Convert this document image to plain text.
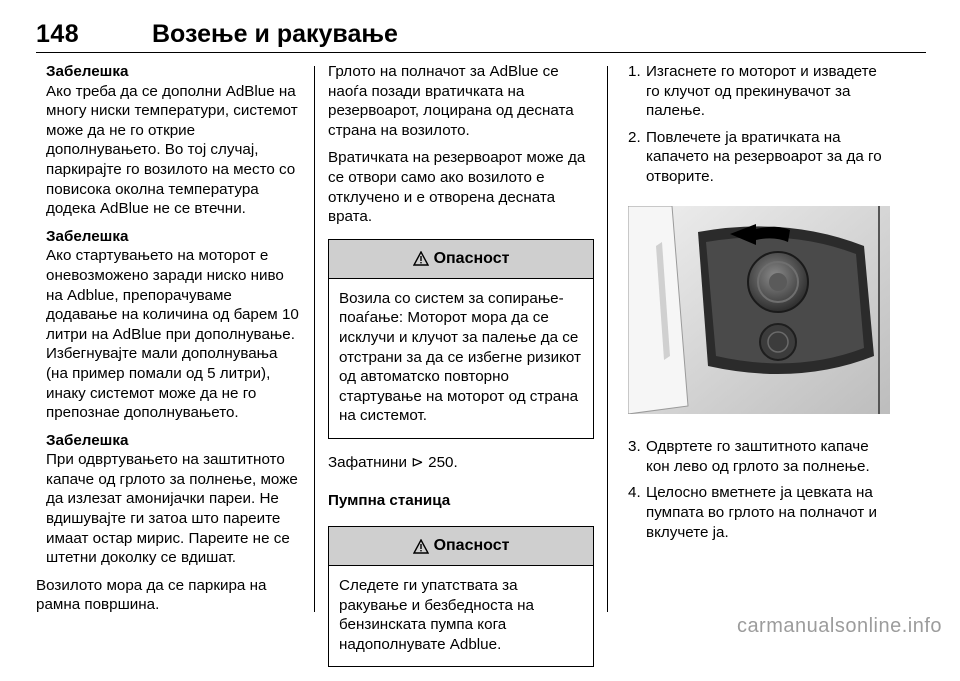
148	Возење и ракување
Забелешка
Ако треба да се дополни AdBlue на многу ниски температури, системот може да не го открие дополнувањето. Во тој случај, паркирајте го возилото на место со повисока околна температура додека AdBlue не се втечни.
Забелешка
Ако стартувањето на моторот е оневозможено заради ниско ниво на Adblue, препорачуваме додавање на количина од барем 10 литри на AdBlue при дополнување. Избегнувајте мали дополнувања (на пример помали од 5 литри), инаку системот може да не го препознае дополнувањето.
Забелешка
При одвртувањето на заштитното капаче од грлото за полнење, може да излезат амонијачки пареи. Не вдишувајте ги затоа што пареите имаат остар мирис. Пареите не се штетни доколку се вдишат.

Возилото мора да се паркира на рамна површина.

Грлото на полначот за AdBlue се наоѓа позади вратичката на резервоарот, лоцирана од десната страна на возилото.

Вратичката на резервоарот може да се отвори само ако возилото е отклучено и е отворена десната врата.

Опасност
Возила со систем за сопирање-поаѓање: Моторот мора да се исклучи и клучот за палење да се отстрани за да се избегне ризикот од автоматско повторно стартување на моторот од страна на системот.

Зафатнини ⊳ 250.

Пумпна станица
Опасност
Следете ги упатствата за ракување и безбедноста на бензинската пумпа кога надополнувате Adblue.
1. Изгаснете го моторот и извадете го клучот од прекинувачот за палење.
2. Повлечете ја вратичката на капачето на резервоарот за да го отворите.
3. Одвртете го заштитното капаче кон лево од грлото за полнење.
4. Целосно вметнете ја цевката на пумпата во грлото на полначот и вклучете ја.
carmanualsonline.info
